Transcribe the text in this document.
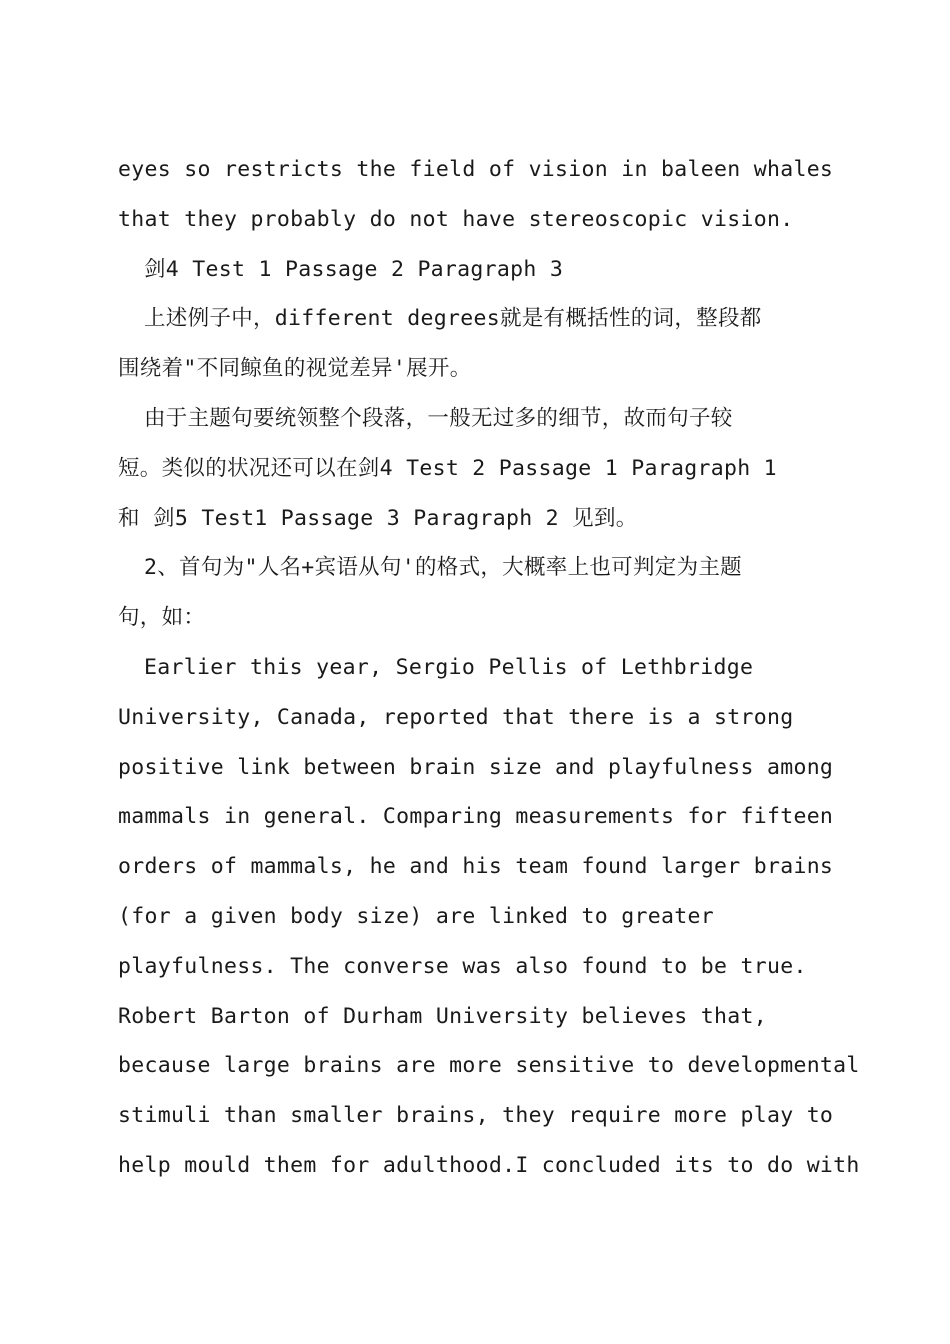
eyes so restricts the field of vision in baleen whales
that they probably do not have stereoscopic vision.
剑4 Test 1 Passage 2 Paragraph 3
上述例子中，different degrees就是有概括性的词，整段都
围绕着"不同鲸鱼的视觉差异'展开。
由于主题句要统领整个段落，一般无过多的细节，故而句子较
短。类似的状况还可以在剑4 Test 2 Passage 1 Paragraph 1
和 剑5 Test1 Passage 3 Paragraph 2 见到。
2、首句为"人名+宾语从句'的格式，大概率上也可判定为主题
句，如：
Earlier this year, Sergio Pellis of Lethbridge
University, Canada, reported that there is a strong
positive link between brain size and playfulness among
mammals in general. Comparing measurements for fifteen
orders of mammals, he and his team found larger brains
(for a given body size) are linked to greater
playfulness. The converse was also found to be true.
Robert Barton of Durham University believes that,
because large brains are more sensitive to developmental
stimuli than smaller brains, they require more play to
help mould them for adulthood.I concluded its to do with
